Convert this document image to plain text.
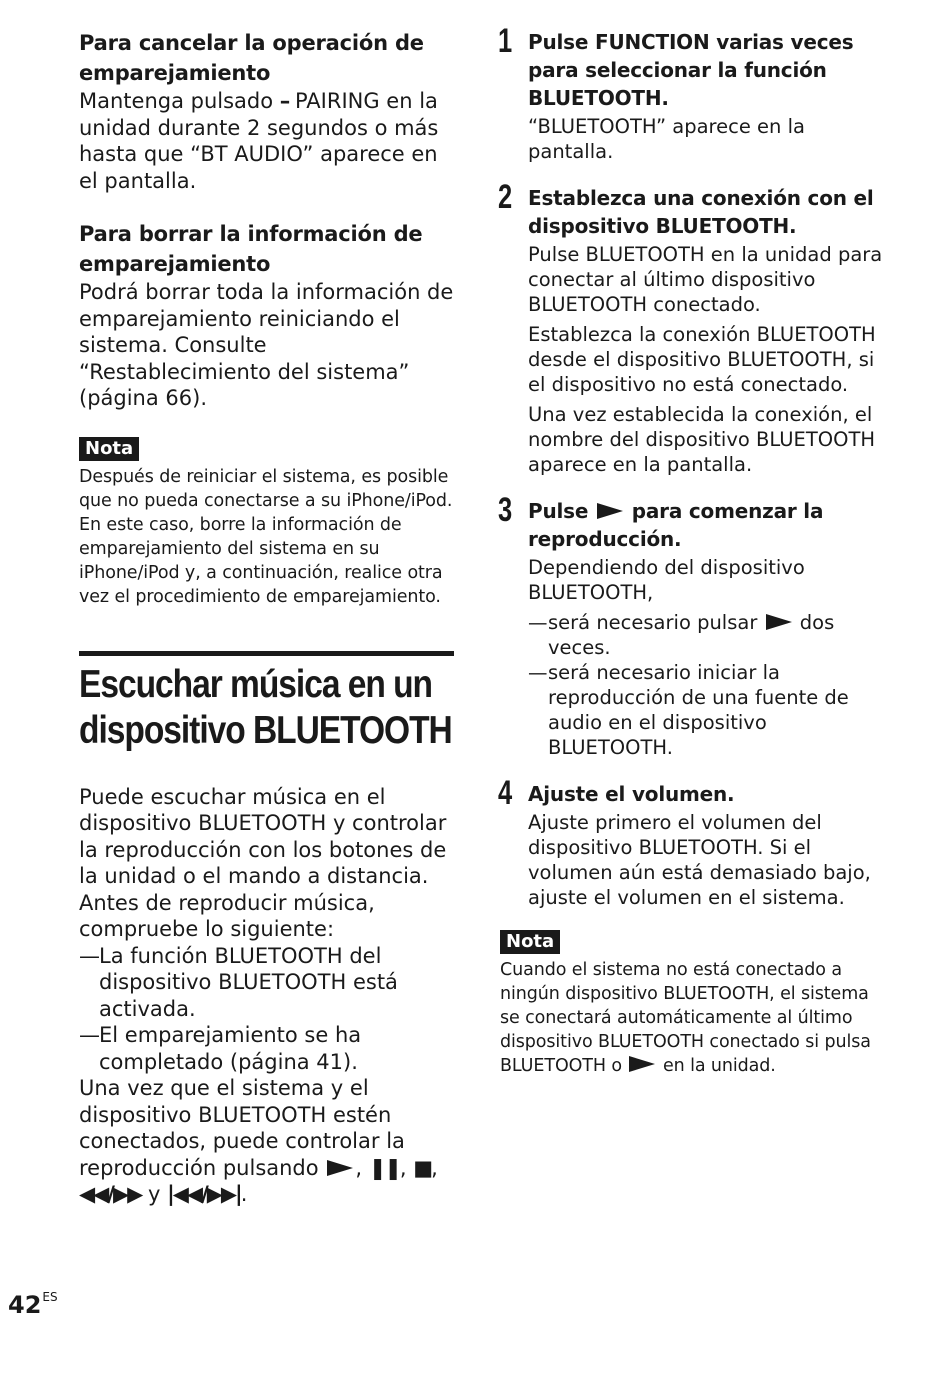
Para cancelar la operación de emparejamiento

Mantenga pulsado – PAIRING en la unidad durante 2 segundos o más hasta que “BT AUDIO” aparece en el pantalla.

Para borrar la información de emparejamiento

Podrá borrar toda la información de emparejamiento reiniciando el sistema. Consulte “Restablecimiento del sistema” (página 66).

Nota

Después de reiniciar el sistema, es posible que no pueda conectarse a su iPhone/iPod. En este caso, borre la información de emparejamiento del sistema en su iPhone/iPod y, a continuación, realice otra vez el procedimiento de emparejamiento.

Escuchar música en un dispositivo BLUETOOTH

Puede escuchar música en el dispositivo BLUETOOTH y controlar la reproducción con los botones de la unidad o el mando a distancia. Antes de reproducir música, compruebe lo siguiente:

— La función BLUETOOTH del dispositivo BLUETOOTH está activada.
— El emparejamiento se ha completado (página 41).

Una vez que el sistema y el dispositivo BLUETOOTH estén conectados, puede controlar la reproducción pulsando , ❚❚, ■, ◀◀/▶▶ y |◀◀/▶▶|.

1 Pulse FUNCTION varias veces para seleccionar la función BLUETOOTH.

“BLUETOOTH” aparece en la pantalla.

2 Establezca una conexión con el dispositivo BLUETOOTH.

Pulse BLUETOOTH en la unidad para conectar al último dispositivo BLUETOOTH conectado.

Establezca la conexión BLUETOOTH desde el dispositivo BLUETOOTH, si el dispositivo no está conectado.

Una vez establecida la conexión, el nombre del dispositivo BLUETOOTH aparece en la pantalla.

3 Pulse para comenzar la reproducción.

Dependiendo del dispositivo BLUETOOTH,

— será necesario pulsar dos veces.
— será necesario iniciar la reproducción de una fuente de audio en el dispositivo BLUETOOTH.
4 Ajuste el volumen.

Ajuste primero el volumen del dispositivo BLUETOOTH. Si el volumen aún está demasiado bajo, ajuste el volumen en el sistema.

Nota

Cuando el sistema no está conectado a ningún dispositivo BLUETOOTH, el sistema se conectará automáticamente al último dispositivo BLUETOOTH conectado si pulsa BLUETOOTH o en la unidad.

$42^{ES}$
